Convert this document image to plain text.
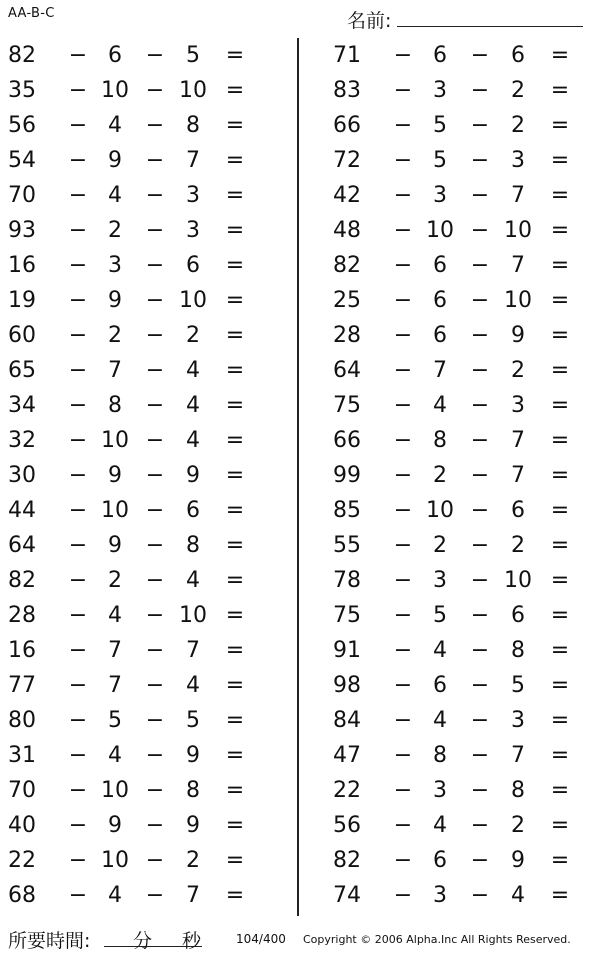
AA-B-C	名前:
82	− 6	− 5	=
35	− 10 − 10 =
56	− 4	− 8	=
54	− 9	− 7	=
70	− 4	− 3	=
93	− 2	− 3	=
16	− 3	− 6	=
19	− 9	− 10 =
60	− 2	− 2	=
65	− 7	− 4	=
34	− 8	− 4	=
32	− 10 − 4	=
30	− 9	− 9	=
44	− 10 − 6	=
64	− 9	− 8	=
82	− 2	− 4	=
28	− 4	− 10 =
16	− 7	− 7	=
77	− 7	− 4	=
80	− 5	− 5	=
31	− 4	− 9	=
70	− 10 − 8	=
40	− 9	− 9	=
22	− 10 − 2	=
68	− 4	− 7	=
71	− 6	− 6	=
83	− 3	− 2	=
66	− 5	− 2	=
72	− 5	− 3	=
42	− 3	− 7	=
48	− 10 − 10 =
82	− 6	− 7	=
25	− 6	− 10 =
28	− 6	− 9	=
64	− 7	− 2	=
75	− 4	− 3	=
66	− 8	− 7	=
99	− 2	− 7	=
85	− 10 − 6	=
55	− 2	− 2	=
78	− 3	− 10 =
75	− 5	− 6	=
91	− 4	− 8	=
98	− 6	− 5	=
84	− 4	− 3	=
47	− 8	− 7	=
22	− 3	− 8	=
56	− 4	− 2	=
82	− 6	− 9	=
74	− 3	− 4	=
所要時間: 分 秒	104/400 Copyright © 2006 Alpha.Inc All Rights Reserved.
